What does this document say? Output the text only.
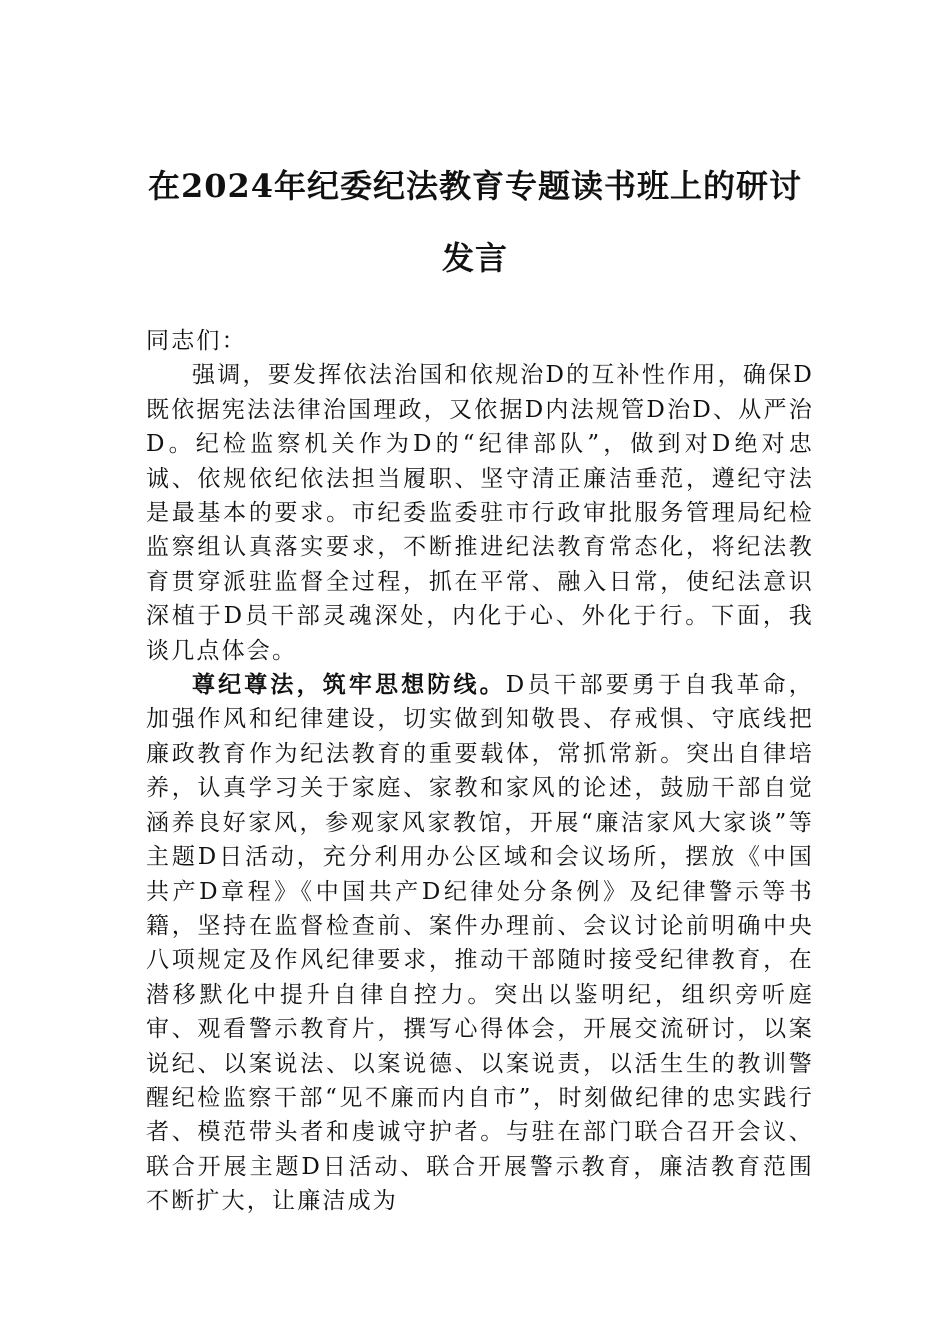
在2024年纪委纪法教育专题读书班上的研讨发言

同志们：

强调，要发挥依法治国和依规治D的互补性作用，确保D既依据宪法法律治国理政，又依据D内法规管D治D、从严治D。纪检监察机关作为D的“纪律部队”，做到对D绝对忠诚、依规依纪依法担当履职、坚守清正廉洁垂范，遵纪守法是最基本的要求。市纪委监委驻市行政审批服务管理局纪检监察组认真落实要求，不断推进纪法教育常态化，将纪法教育贯穿派驻监督全过程，抓在平常、融入日常，使纪法意识深植于D员干部灵魂深处，内化于心、外化于行。下面，我谈几点体会。

尊纪尊法，筑牢思想防线。D员干部要勇于自我革命，加强作风和纪律建设，切实做到知敬畏、存戒惧、守底线把廉政教育作为纪法教育的重要载体，常抓常新。突出自律培养，认真学习关于家庭、家教和家风的论述，鼓励干部自觉涵养良好家风，参观家风家教馆，开展“廉洁家风大家谈”等主题D日活动，充分利用办公区域和会议场所，摆放《中国共产D章程》《中国共产D纪律处分条例》及纪律警示等书籍，坚持在监督检查前、案件办理前、会议讨论前明确中央八项规定及作风纪律要求，推动干部随时接受纪律教育，在潜移默化中提升自律自控力。突出以鉴明纪，组织旁听庭审、观看警示教育片，撰写心得体会，开展交流研讨，以案说纪、以案说法、以案说德、以案说责，以活生生的教训警醒纪检监察干部“见不廉而内自市”，时刻做纪律的忠实践行者、模范带头者和虔诚守护者。与驻在部门联合召开会议、联合开展主题D日活动、联合开展警示教育，廉洁教育范围不断扩大，让廉洁成为
